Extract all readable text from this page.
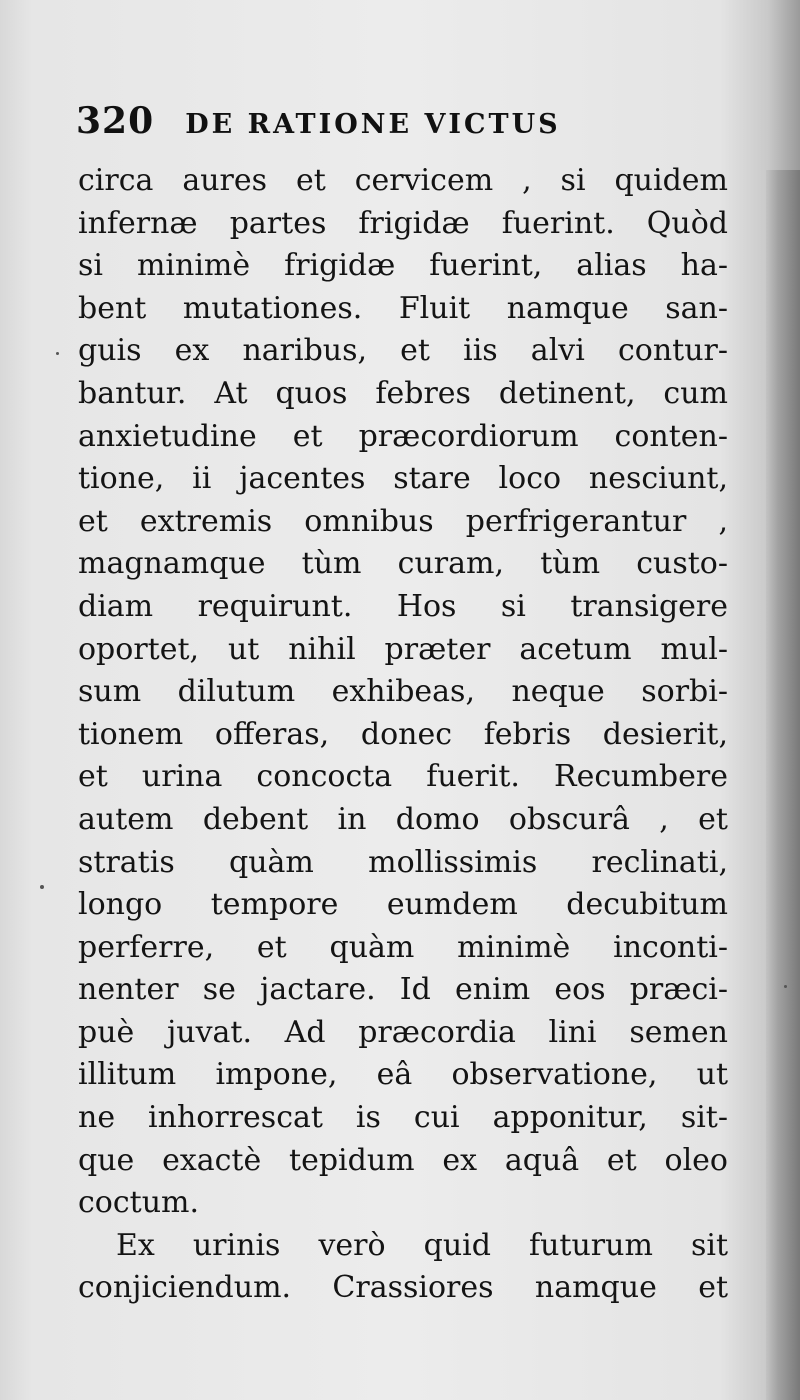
320 DE RATIONE VICTUS
circa aures et cervicem , si quidem
infernæ partes frigidæ fuerint. Quòd
si minimè frigidæ fuerint, alias ha-
bent mutationes. Fluit namque san-
guis ex naribus, et iis alvi contur-
bantur. At quos febres detinent, cum
anxietudine et præcordiorum conten-
tione, ii jacentes stare loco nesciunt,
et extremis omnibus perfrigerantur ,
magnamque tùm curam, tùm custo-
diam requirunt. Hos si transigere
oportet, ut nihil præter acetum mul-
sum dilutum exhibeas, neque sorbi-
tionem offeras, donec febris desierit,
et urina concocta fuerit. Recumbere
autem debent in domo obscurâ , et
stratis quàm mollissimis reclinati,
longo tempore eumdem decubitum
perferre, et quàm minimè inconti-
nenter se jactare. Id enim eos præci-
puè juvat. Ad præcordia lini semen
illitum impone, eâ observatione, ut
ne inhorrescat is cui apponitur, sit-
que exactè tepidum ex aquâ et oleo
coctum.
Ex urinis verò quid futurum sit
conjiciendum. Crassiores namque et
